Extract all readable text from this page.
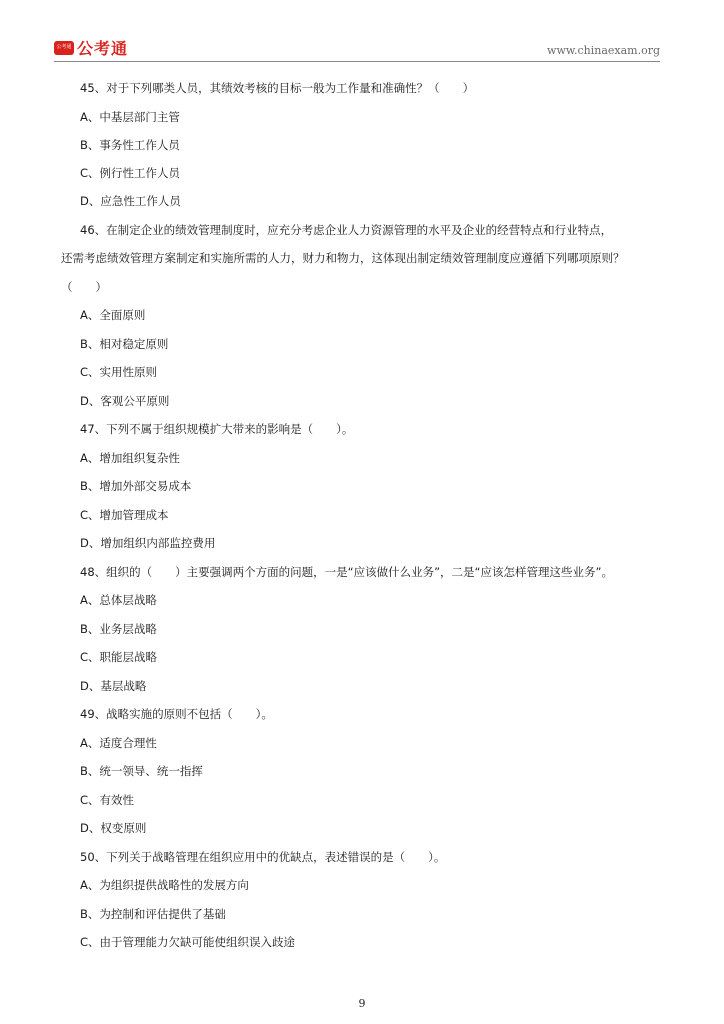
公考通 公考通	www.chinaexam.org
45、对于下列哪类人员，其绩效考核的目标一般为工作量和准确性？（　　）
A、中基层部门主管
B、事务性工作人员
C、例行性工作人员
D、应急性工作人员
46、在制定企业的绩效管理制度时，应充分考虑企业人力资源管理的水平及企业的经营特点和行业特点，
还需考虑绩效管理方案制定和实施所需的人力，财力和物力，这体现出制定绩效管理制度应遵循下列哪项原则？
（　　）
A、全面原则
B、相对稳定原则
C、实用性原则
D、客观公平原则
47、下列不属于组织规模扩大带来的影响是（　　）。
A、增加组织复杂性
B、增加外部交易成本
C、增加管理成本
D、增加组织内部监控费用
48、组织的（　　）主要强调两个方面的问题，一是“应该做什么业务”，二是“应该怎样管理这些业务”。
A、总体层战略
B、业务层战略
C、职能层战略
D、基层战略
49、战略实施的原则不包括（　　）。
A、适度合理性
B、统一领导、统一指挥
C、有效性
D、权变原则
50、下列关于战略管理在组织应用中的优缺点，表述错误的是（　　）。
A、为组织提供战略性的发展方向
B、为控制和评估提供了基础
C、由于管理能力欠缺可能使组织误入歧途
9
